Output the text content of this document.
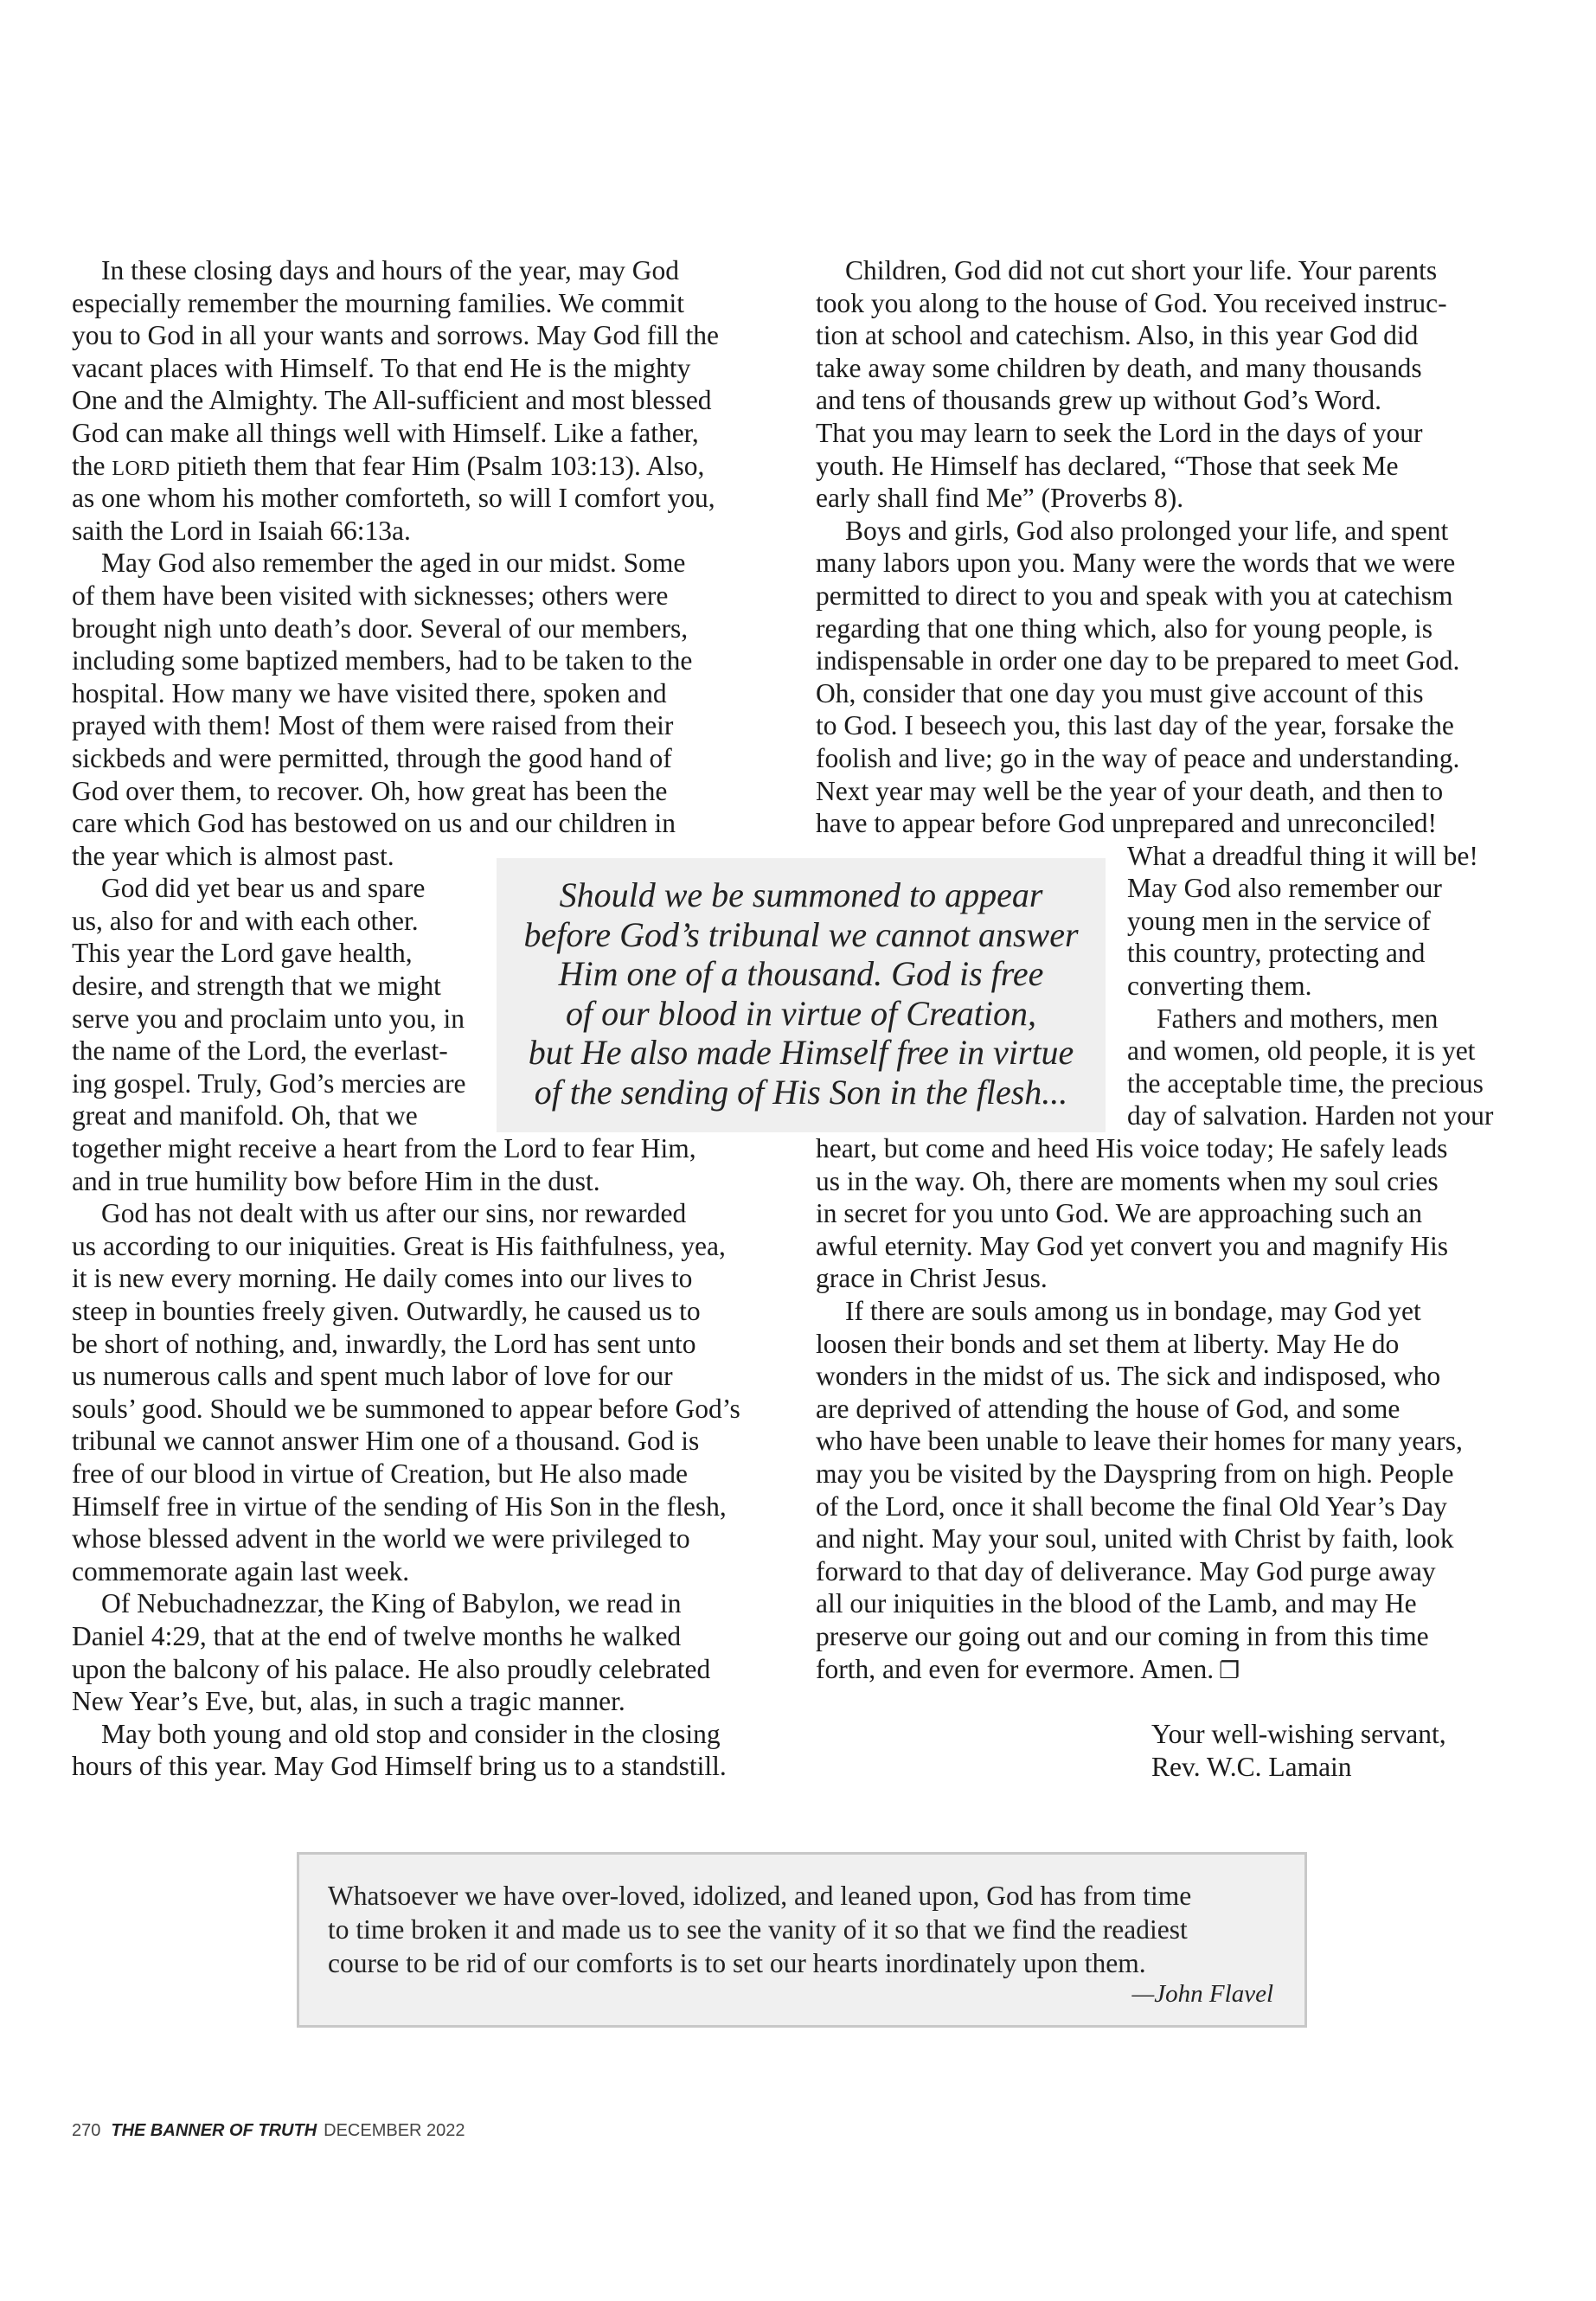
In these closing days and hours of the year, may God
especially remember the mourning families. We commit
you to God in all your wants and sorrows. May God fill the
vacant places with Himself. To that end He is the mighty
One and the Almighty. The All-sufficient and most blessed
God can make all things well with Himself. Like a father,
the LORD pitieth them that fear Him (Psalm 103:13). Also,
as one whom his mother comforteth, so will I comfort you,
saith the Lord in Isaiah 66:13a.
May God also remember the aged in our midst. Some
of them have been visited with sicknesses; others were
brought nigh unto death’s door. Several of our members,
including some baptized members, had to be taken to the
hospital. How many we have visited there, spoken and
prayed with them! Most of them were raised from their
sickbeds and were permitted, through the good hand of
God over them, to recover. Oh, how great has been the
care which God has bestowed on us and our children in
the year which is almost past.
God did yet bear us and spare
us, also for and with each other.
This year the Lord gave health,
desire, and strength that we might
serve you and proclaim unto you, in
the name of the Lord, the everlast-
ing gospel. Truly, God’s mercies are
great and manifold. Oh, that we
together might receive a heart from the Lord to fear Him,
and in true humility bow before Him in the dust.
God has not dealt with us after our sins, nor rewarded
us according to our iniquities. Great is His faithfulness, yea,
it is new every morning. He daily comes into our lives to
steep in bounties freely given. Outwardly, he caused us to
be short of nothing, and, inwardly, the Lord has sent unto
us numerous calls and spent much labor of love for our
souls’ good. Should we be summoned to appear before God’s
tribunal we cannot answer Him one of a thousand. God is
free of our blood in virtue of Creation, but He also made
Himself free in virtue of the sending of His Son in the flesh,
whose blessed advent in the world we were privileged to
commemorate again last week.
Of Nebuchadnezzar, the King of Babylon, we read in
Daniel 4:29, that at the end of twelve months he walked
upon the balcony of his palace. He also proudly celebrated
New Year’s Eve, but, alas, in such a tragic manner.
May both young and old stop and consider in the closing
hours of this year. May God Himself bring us to a standstill.
Children, God did not cut short your life. Your parents
took you along to the house of God. You received instruc-
tion at school and catechism. Also, in this year God did
take away some children by death, and many thousands
and tens of thousands grew up without God’s Word.
That you may learn to seek the Lord in the days of your
youth. He Himself has declared, “Those that seek Me
early shall find Me” (Proverbs 8).
Boys and girls, God also prolonged your life, and spent
many labors upon you. Many were the words that we were
permitted to direct to you and speak with you at catechism
regarding that one thing which, also for young people, is
indispensable in order one day to be prepared to meet God.
Oh, consider that one day you must give account of this
to God. I beseech you, this last day of the year, forsake the
foolish and live; go in the way of peace and understanding.
Next year may well be the year of your death, and then to
have to appear before God unprepared and unreconciled!
What a dreadful thing it will be!
May God also remember our
young men in the service of
this country, protecting and
converting them.
Fathers and mothers, men
and women, old people, it is yet
the acceptable time, the precious
day of salvation. Harden not your
heart, but come and heed His voice today; He safely leads
us in the way. Oh, there are moments when my soul cries
in secret for you unto God. We are approaching such an
awful eternity. May God yet convert you and magnify His
grace in Christ Jesus.
If there are souls among us in bondage, may God yet
loosen their bonds and set them at liberty. May He do
wonders in the midst of us. The sick and indisposed, who
are deprived of attending the house of God, and some
who have been unable to leave their homes for many years,
may you be visited by the Dayspring from on high. People
of the Lord, once it shall become the final Old Year’s Day
and night. May your soul, united with Christ by faith, look
forward to that day of deliverance. May God purge away
all our iniquities in the blood of the Lamb, and may He
preserve our going out and our coming in from this time
forth, and even for evermore. Amen. ❐
Your well-wishing servant,
Rev. W.C. Lamain
Should we be summoned to appear
before God’s tribunal we cannot answer
Him one of a thousand. God is free
of our blood in virtue of Creation,
but He also made Himself free in virtue
of the sending of His Son in the flesh...
Whatsoever we have over-loved, idolized, and leaned upon, God has from time
to time broken it and made us to see the vanity of it so that we find the readiest
course to be rid of our comforts is to set our hearts inordinately upon them.
—John Flavel
270 THE BANNER OF TRUTH DECEMBER 2022
